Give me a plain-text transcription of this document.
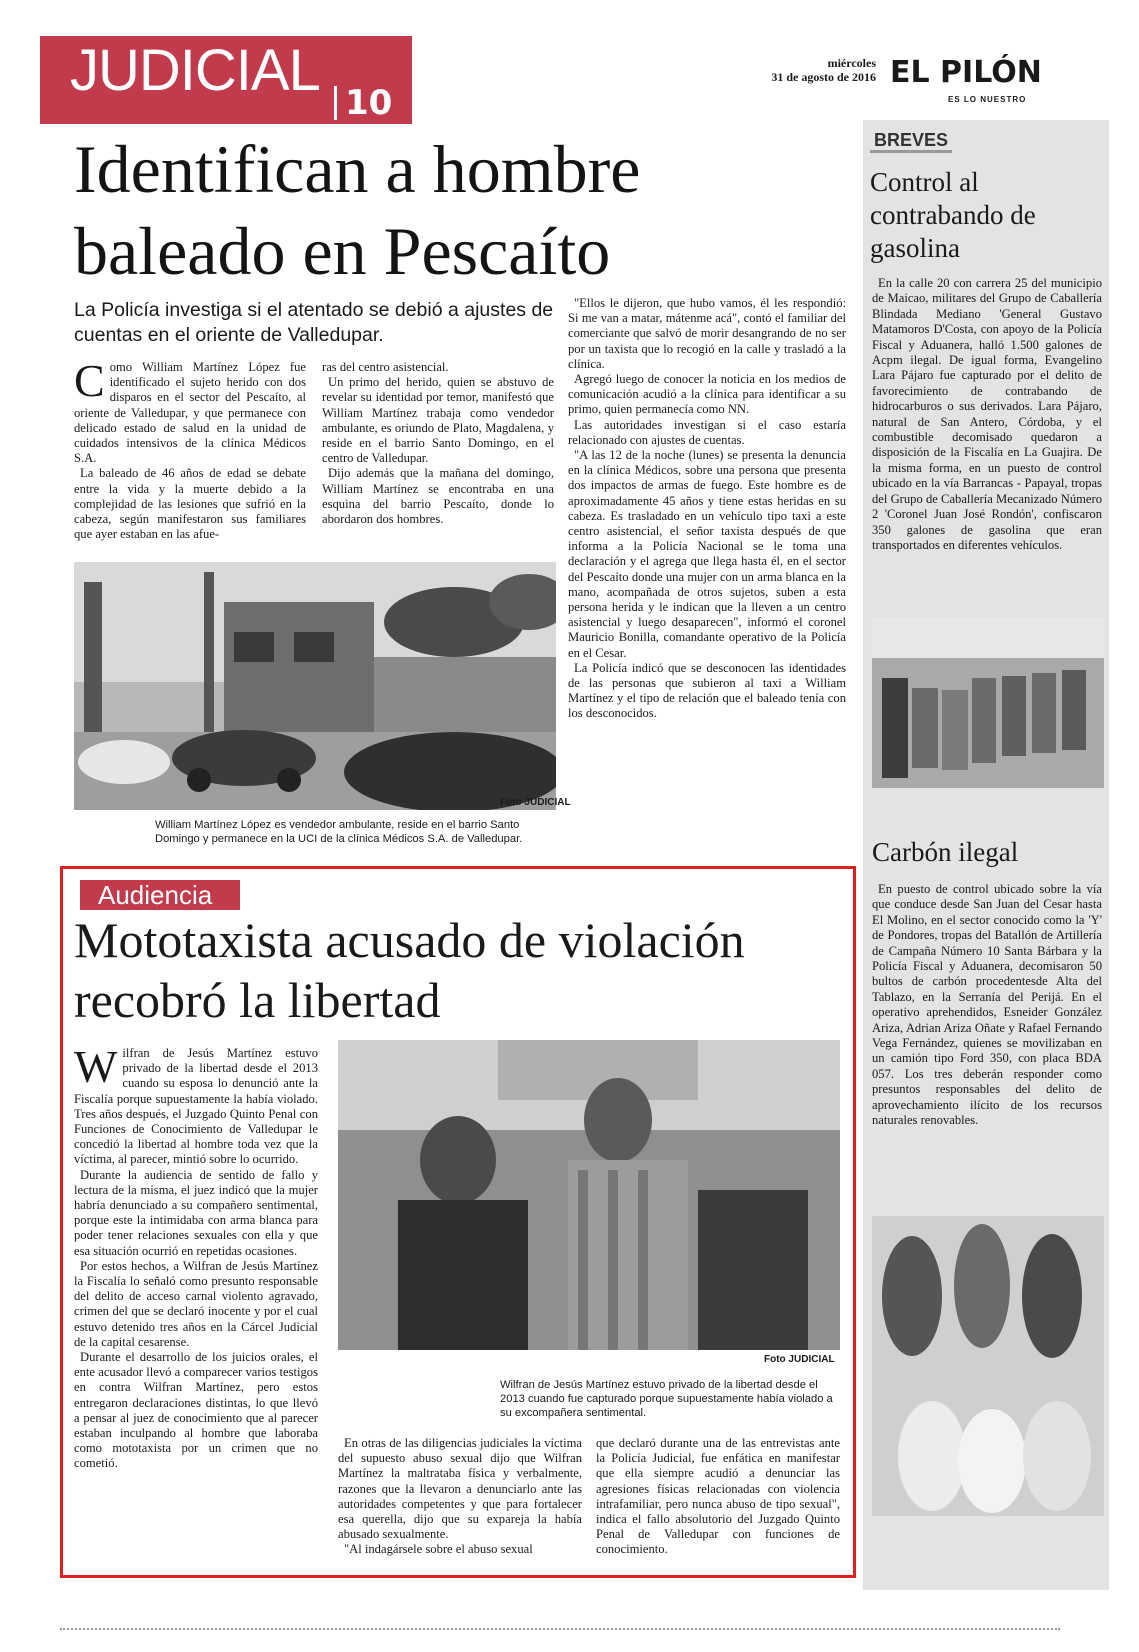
JUDICIAL 10
miércoles
31 de agosto de 2016 EL PILÓN
ES LO NUESTRO
Identifican a hombre baleado en Pescaíto
La Policía investiga si el atentado se debió a ajustes de cuentas en el oriente de Valledupar.

Como William Martínez López fue identificado el sujeto herido con dos disparos en el sector del Pescaíto, al oriente de Valledupar, y que permanece con delicado estado de salud en la unidad de cuidados intensivos de la clínica Médicos S.A.

La baleado de 46 años de edad se debate entre la vida y la muerte debido a la complejidad de las lesiones que sufrió en la cabeza, según manifestaron sus familiares que ayer estaban en las afue-

ras del centro asistencial.

Un primo del herido, quien se abstuvo de revelar su identidad por temor, manifestó que William Martínez trabaja como vendedor ambulante, es oriundo de Plato, Magdalena, y reside en el barrio Santo Domingo, en el centro de Valledupar.

Dijo además que la mañana del domingo, William Martínez se encontraba en una esquina del barrio Pescaíto, donde lo abordaron dos hombres.

"Ellos le dijeron, que hubo vamos, él les respondió: Si me van a matar, mátenme acá", contó el familiar del comerciante que salvó de morir desangrando de no ser por un taxista que lo recogió en la calle y trasladó a la clínica.

Agregó luego de conocer la noticia en los medios de comunicación acudió a la clínica para identificar a su primo, quien permanecía como NN.

Las autoridades investigan si el caso estaría relacionado con ajustes de cuentas.

"A las 12 de la noche (lunes) se presenta la denuncia en la clínica Médicos, sobre una persona que presenta dos impactos de armas de fuego. Este hombre es de aproximadamente 45 años y tiene estas heridas en su cabeza. Es trasladado en un vehículo tipo taxi a este centro asistencial, el señor taxista después de que informa a la Policía Nacional se le toma una declaración y el agrega que llega hasta él, en el sector del Pescaíto donde una mujer con un arma blanca en la mano, acompañada de otros sujetos, suben a esta persona herida y le indican que la lleven a un centro asistencial y luego desaparecen", informó el coronel Mauricio Bonilla, comandante operativo de la Policía en el Cesar.

La Policía indicó que se desconocen las identidades de las personas que subieron al taxi a William Martínez y el tipo de relación que el baleado tenía con los desconocidos.

Foto JUDICIAL
William Martínez López es vendedor ambulante, reside en el barrio Santo Domingo y permanece en la UCI de la clínica Médicos S.A. de Valledupar.
BREVES
Control al contrabando de gasolina

En la calle 20 con carrera 25 del municipio de Maicao, militares del Grupo de Caballería Blindada Mediano 'General Gustavo Matamoros D'Costa, con apoyo de la Policía Fiscal y Aduanera, halló 1.500 galones de Acpm ilegal. De igual forma, Evangelino Lara Pájaro fue capturado por el delito de favorecimiento de contrabando de hidrocarburos o sus derivados. Lara Pájaro, natural de San Antero, Córdoba, y el combustible decomisado quedaron a disposición de la Fiscalía en La Guajira. De la misma forma, en un puesto de control ubicado en la vía Barrancas - Papayal, tropas del Grupo de Caballería Mecanizado Número 2 'Coronel Juan José Rondón', confiscaron 350 galones de gasolina que eran transportados en diferentes vehículos.

Carbón ilegal

En puesto de control ubicado sobre la vía que conduce desde San Juan del Cesar hasta El Molino, en el sector conocido como la 'Y' de Pondores, tropas del Batallón de Artillería de Campaña Número 10 Santa Bárbara y la Policía Fiscal y Aduanera, decomisaron 50 bultos de carbón procedentesde Alta del Tablazo, en la Serranía del Perijá. En el operativo aprehendidos, Esneider González Ariza, Adrian Ariza Oñate y Rafael Fernando Vega Fernández, quienes se movilizaban en un camión tipo Ford 350, con placa BDA 057. Los tres deberán responder como presuntos responsables del delito de aprovechamiento ilícito de los recursos naturales renovables.

Audiencia
Mototaxista acusado de violación recobró la libertad

Wilfran de Jesús Martínez estuvo privado de la libertad desde el 2013 cuando su esposa lo denunció ante la Fiscalía porque supuestamente la había violado. Tres años después, el Juzgado Quinto Penal con Funciones de Conocimiento de Valledupar le concedió la libertad al hombre toda vez que la víctima, al parecer, mintió sobre lo ocurrido.

Durante la audiencia de sentido de fallo y lectura de la misma, el juez indicó que la mujer habría denunciado a su compañero sentimental, porque este la intimidaba con arma blanca para poder tener relaciones sexuales con ella y que esa situación ocurrió en repetidas ocasiones.

Por estos hechos, a Wilfran de Jesús Martínez la Fiscalía lo señaló como presunto responsable del delito de acceso carnal violento agravado, crimen del que se declaró inocente y por el cual estuvo detenido tres años en la Cárcel Judicial de la capital cesarense.

Durante el desarrollo de los juicios orales, el ente acusador llevó a comparecer varios testigos en contra Wilfran Martínez, pero estos entregaron declaraciones distintas, lo que llevó a pensar al juez de conocimiento que al parecer estaban inculpando al hombre que laboraba como mototaxista por un crimen que no cometió.

Foto JUDICIAL
Wilfran de Jesús Martínez estuvo privado de la libertad desde el 2013 cuando fue capturado porque supuestamente había violado a su excompañera sentimental.

En otras de las diligencias judiciales la víctima del supuesto abuso sexual dijo que Wilfran Martínez la maltrataba física y verbalmente, razones que la llevaron a denunciarlo ante las autoridades competentes y que para fortalecer esa querella, dijo que su expareja la había abusado sexualmente.

"Al indagársele sobre el abuso sexual

que declaró durante una de las entrevistas ante la Policía Judicial, fue enfática en manifestar que ella siempre acudió a denunciar las agresiones físicas relacionadas con violencia intrafamiliar, pero nunca abuso de tipo sexual", indica el fallo absolutorio del Juzgado Quinto Penal de Valledupar con funciones de conocimiento.
